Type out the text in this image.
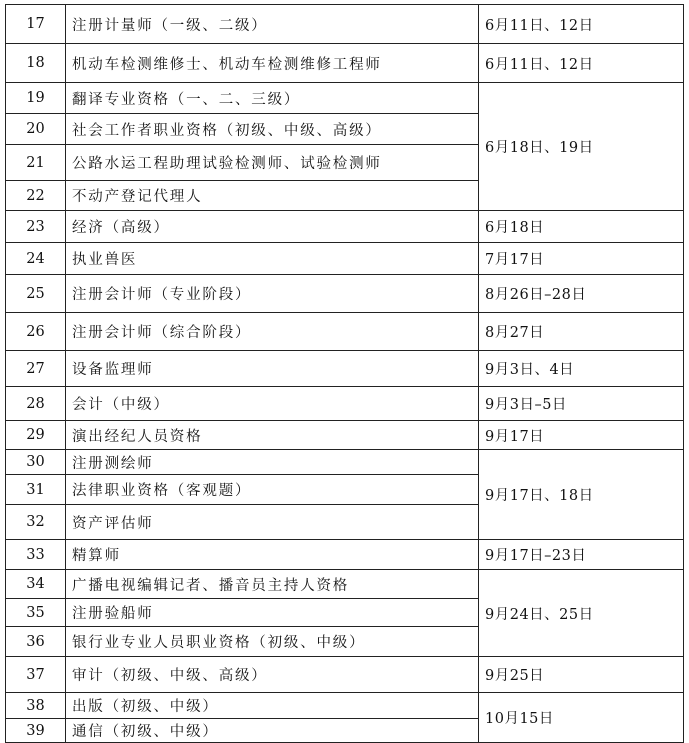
17	注册计量师（一级、二级）	6月11日、12日
18	机动车检测维修士、机动车检测维修工程师	6月11日、12日
19	翻译专业资格（一、二、三级）	6月18日、19日
20	社会工作者职业资格（初级、中级、高级）	
21	公路水运工程助理试验检测师、试验检测师	
22	不动产登记代理人	
23	经济（高级）	6月18日
24	执业兽医	7月17日
25	注册会计师（专业阶段）	8月26日–28日
26	注册会计师（综合阶段）	8月27日
27	设备监理师	9月3日、4日
28	会计（中级）	9月3日–5日
29	演出经纪人员资格	9月17日
30	注册测绘师	9月17日、18日
31	法律职业资格（客观题）	
32	资产评估师	
33	精算师	9月17日–23日
34	广播电视编辑记者、播音员主持人资格	9月24日、25日
35	注册验船师	
36	银行业专业人员职业资格（初级、中级）	
37	审计（初级、中级、高级）	9月25日
38	出版（初级、中级）	10月15日
39	通信（初级、中级）	
